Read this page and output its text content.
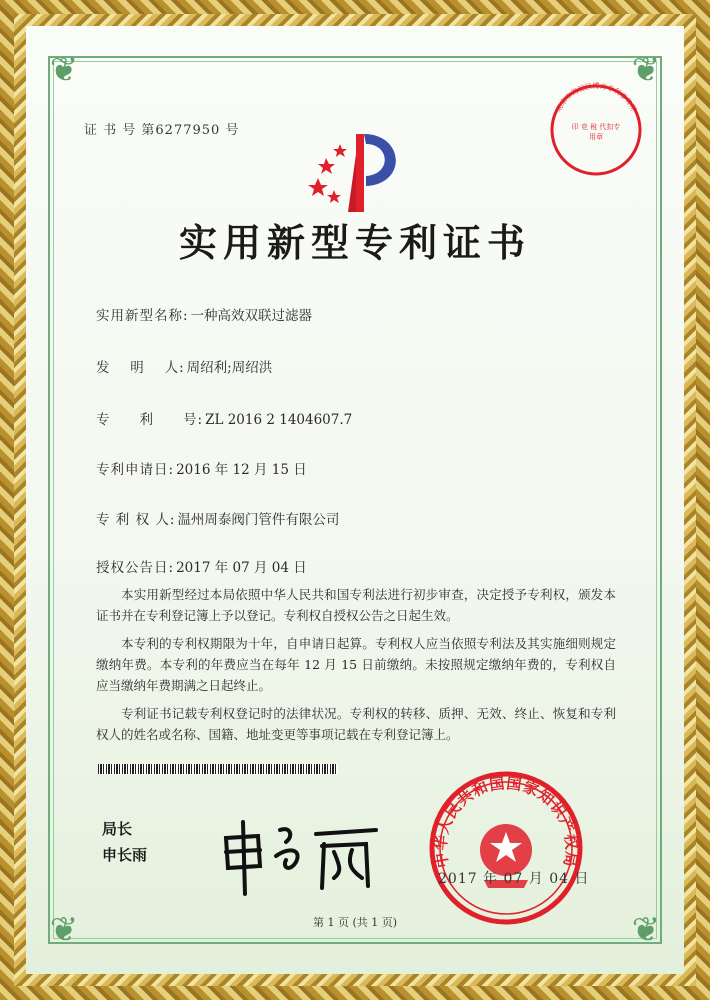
❦	❦
❦	❦
证 书 号 第6277950 号
实用新型专利证书
实用新型名称: 一种高效双联过滤器
发　 明　 人: 周绍利;周绍洪
专　　利　　号: ZL 2016 2 1404607.7
专利申请日: 2016 年 12 月 15 日
专 利 权 人: 温州周泰阀门管件有限公司
授权公告日: 2017 年 07 月 04 日

本实用新型经过本局依照中华人民共和国专利法进行初步审查，决定授予专利权，颁发本证书并在专利登记簿上予以登记。专利权自授权公告之日起生效。

本专利的专利权期限为十年，自申请日起算。专利权人应当依照专利法及其实施细则规定缴纳年费。本专利的年费应当在每年 12 月 15 日前缴纳。未按照规定缴纳年费的，专利权自应当缴纳年费期满之日起终止。

专利证书记载专利权登记时的法律状况。专利权的转移、质押、无效、终止、恢复和专利权人的姓名或名称、国籍、地址变更等事项记载在专利登记簿上。

局长
申长雨	中华人民共和国国家知识产权局
2017 年 07 月 04 日
北京市海淀区博方专利事务所
印 竞 稅 代扣专用章
第 1 页 (共 1 页)
